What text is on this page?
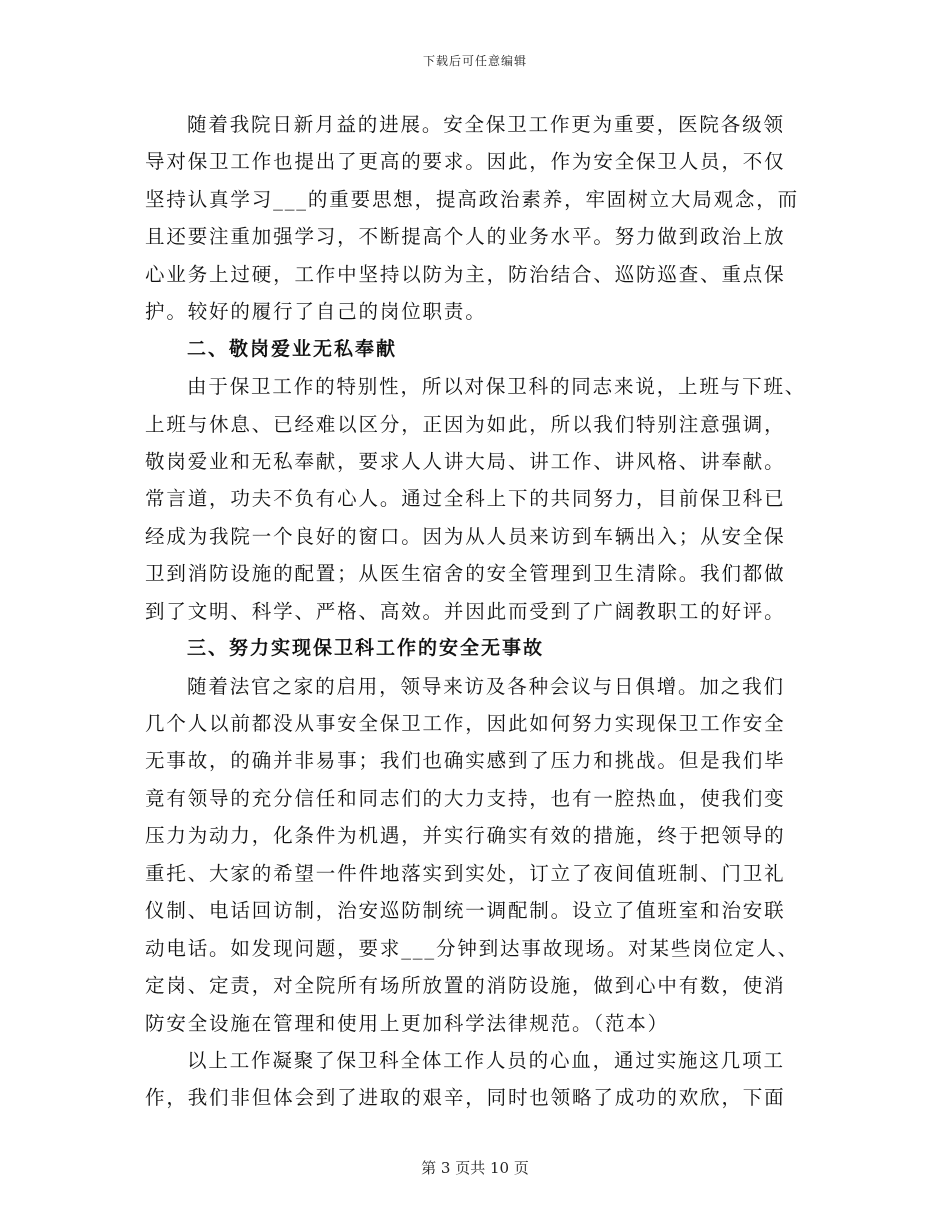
下载后可任意编辑
随着我院日新月益的进展。安全保卫工作更为重要，医院各级领
导对保卫工作也提出了更高的要求。因此，作为安全保卫人员，不仅
坚持认真学习___的重要思想，提高政治素养，牢固树立大局观念，而
且还要注重加强学习，不断提高个人的业务水平。努力做到政治上放
心业务上过硬，工作中坚持以防为主，防治结合、巡防巡查、重点保
护。较好的履行了自己的岗位职责。
二、敬岗爱业无私奉献
由于保卫工作的特别性，所以对保卫科的同志来说，上班与下班、
上班与休息、已经难以区分，正因为如此，所以我们特别注意强调，
敬岗爱业和无私奉献，要求人人讲大局、讲工作、讲风格、讲奉献。
常言道，功夫不负有心人。通过全科上下的共同努力，目前保卫科已
经成为我院一个良好的窗口。因为从人员来访到车辆出入；从安全保
卫到消防设施的配置；从医生宿舍的安全管理到卫生清除。我们都做
到了文明、科学、严格、高效。并因此而受到了广阔教职工的好评。
三、努力实现保卫科工作的安全无事故
随着法官之家的启用，领导来访及各种会议与日俱增。加之我们
几个人以前都没从事安全保卫工作，因此如何努力实现保卫工作安全
无事故，的确并非易事；我们也确实感到了压力和挑战。但是我们毕
竟有领导的充分信任和同志们的大力支持，也有一腔热血，使我们变
压力为动力，化条件为机遇，并实行确实有效的措施，终于把领导的
重托、大家的希望一件件地落实到实处，订立了夜间值班制、门卫礼
仪制、电话回访制，治安巡防制统一调配制。设立了值班室和治安联
动电话。如发现问题，要求___分钟到达事故现场。对某些岗位定人、
定岗、定责，对全院所有场所放置的消防设施，做到心中有数，使消
防安全设施在管理和使用上更加科学法律规范。（范本）
以上工作凝聚了保卫科全体工作人员的心血，通过实施这几项工
作，我们非但体会到了进取的艰辛，同时也领略了成功的欢欣，下面
第 3 页共 10 页
